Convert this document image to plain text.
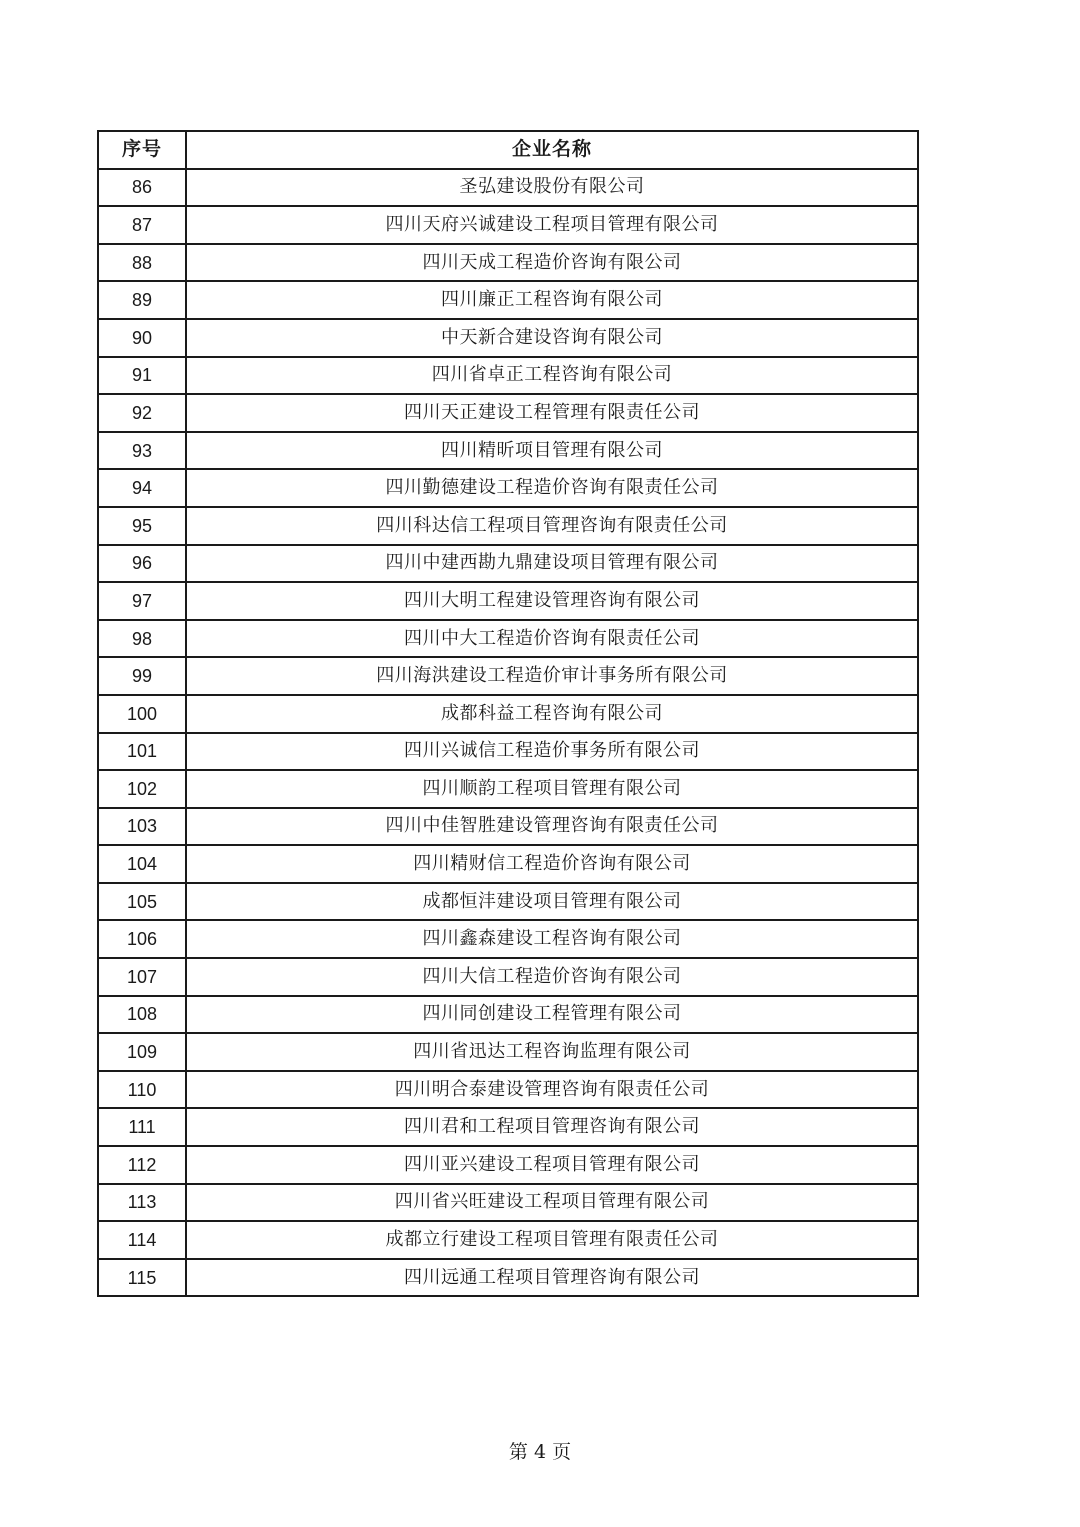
序号	企业名称
86	圣弘建设股份有限公司
87	四川天府兴诚建设工程项目管理有限公司
88	四川天成工程造价咨询有限公司
89	四川廉正工程咨询有限公司
90	中天新合建设咨询有限公司
91	四川省卓正工程咨询有限公司
92	四川天正建设工程管理有限责任公司
93	四川精昕项目管理有限公司
94	四川勤德建设工程造价咨询有限责任公司
95	四川科达信工程项目管理咨询有限责任公司
96	四川中建西勘九鼎建设项目管理有限公司
97	四川大明工程建设管理咨询有限公司
98	四川中大工程造价咨询有限责任公司
99	四川海洪建设工程造价审计事务所有限公司
100	成都科益工程咨询有限公司
101	四川兴诚信工程造价事务所有限公司
102	四川顺韵工程项目管理有限公司
103	四川中佳智胜建设管理咨询有限责任公司
104	四川精财信工程造价咨询有限公司
105	成都恒沣建设项目管理有限公司
106	四川鑫森建设工程咨询有限公司
107	四川大信工程造价咨询有限公司
108	四川同创建设工程管理有限公司
109	四川省迅达工程咨询监理有限公司
110	四川明合泰建设管理咨询有限责任公司
111	四川君和工程项目管理咨询有限公司
112	四川亚兴建设工程项目管理有限公司
113	四川省兴旺建设工程项目管理有限公司
114	成都立行建设工程项目管理有限责任公司
115	四川远通工程项目管理咨询有限公司
第 4 页
